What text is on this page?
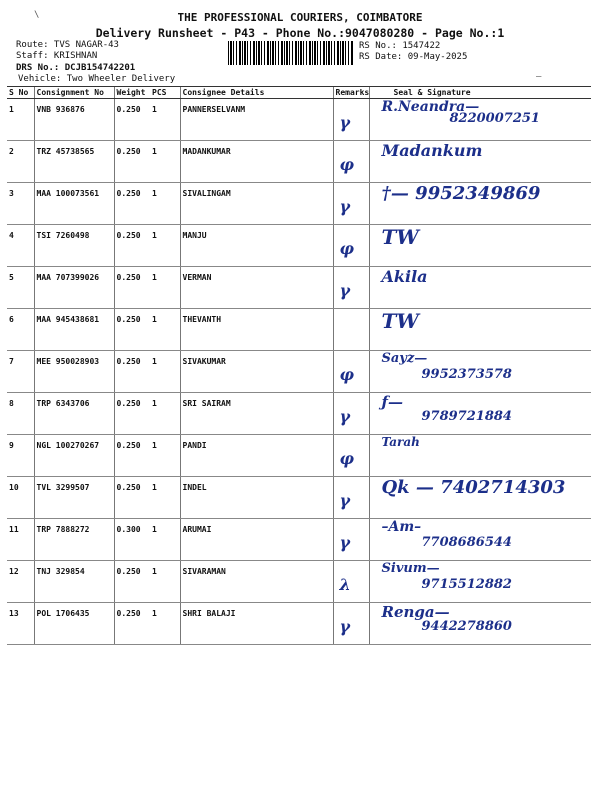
\
—
THE PROFESSIONAL COURIERS, COIMBATORE
Delivery Runsheet - P43 - Phone No.:9047080280 - Page No.:1
Route: TVS NAGAR-43
Staff: KRISHNAN
DRS No.: DCJB154742201
Vehicle: Two Wheeler Delivery
RS No.: 1547422
RS Date: 09-May-2025
S No	Consignment No	Weight	PCS	Consignee Details	Remarks	Seal & Signature
1	VNB 936876	0.250	1	PANNERSELVANM	γ	R.Neandra—
8220007251

2	TRZ 45738565	0.250	1	MADANKUMAR	φ	Madankum

3	MAA 100073561	0.250	1	SIVALINGAM	γ	†— 9952349869

4	TSI 7260498	0.250	1	MANJU	φ	TW

5	MAA 707399026	0.250	1	VERMAN	γ	Akila

6	MAA 945438681	0.250	1	THEVANTH		TW

7	MEE 950028903	0.250	1	SIVAKUMAR	φ	Sayz—
9952373578

8	TRP 6343706	0.250	1	SRI SAIRAM	γ	ƒ—
9789721884

9	NGL 100270267	0.250	1	PANDI	φ	Tarah

10	TVL 3299507	0.250	1	INDEL	γ	Qk — 7402714303

11	TRP 7888272	0.300	1	ARUMAI	γ	–Am–
7708686544

12	TNJ 329854	0.250	1	SIVARAMAN	λ	Sivum—
9715512882

13	POL 1706435	0.250	1	SHRI BALAJI	γ	Renga—
9442278860
